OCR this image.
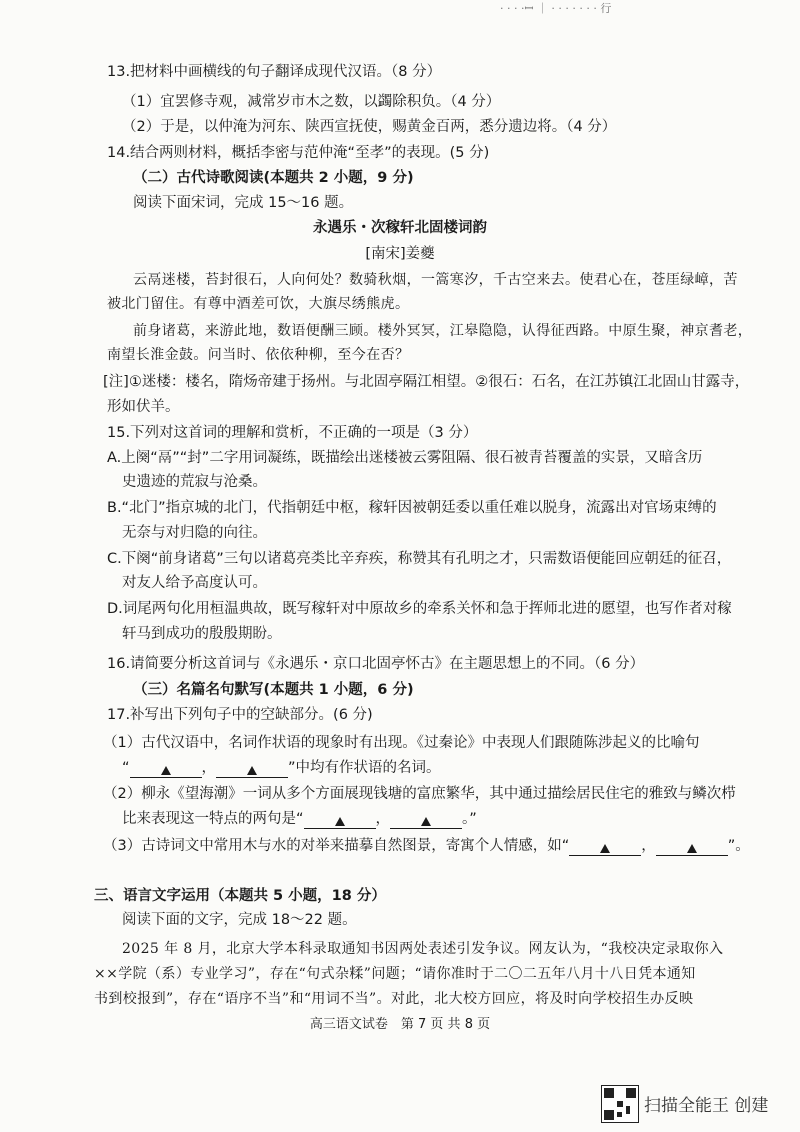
· · · ·ꟷ ｜ · · · · · · · 行
13.把材料中画横线的句子翻译成现代汉语。（8 分）
（1）宜罢修寺观，减常岁市木之数，以蠲除积负。（4 分）
（2）于是，以仲淹为河东、陕西宣抚使，赐黄金百两，悉分遗边将。（4 分）
14.结合两则材料，概括李密与范仲淹“至孝”的表现。(5 分)
（二）古代诗歌阅读(本题共 2 小题，9 分)
阅读下面宋词，完成 15～16 题。
永遇乐・次稼轩北固楼词韵
[南宋]姜夔
云鬲迷楼，苔封很石，人向何处？数骑秋烟，一篙寒汐，千古空来去。使君心在，苍厓绿嶂，苦
被北门留住。有尊中酒差可饮，大旗尽绣熊虎。
前身诸葛，来游此地，数语便酬三顾。楼外冥冥，江皋隐隐，认得征西路。中原生聚，神京耆老，
南望长淮金鼓。问当时、依依种柳，至今在否？
[注]①迷楼：楼名，隋炀帝建于扬州。与北固亭隔江相望。②很石：石名，在江苏镇江北固山甘露寺，
形如伏羊。
15.下列对这首词的理解和赏析，不正确的一项是（3 分）
A.上阕“鬲”“封”二字用词凝练，既描绘出迷楼被云雾阻隔、很石被青苔覆盖的实景，又暗含历
史遗迹的荒寂与沧桑。
B.“北门”指京城的北门，代指朝廷中枢，稼轩因被朝廷委以重任难以脱身，流露出对官场束缚的
无奈与对归隐的向往。
C.下阕“前身诸葛”三句以诸葛亮类比辛弃疾，称赞其有孔明之才，只需数语便能回应朝廷的征召，
对友人给予高度认可。
D.词尾两句化用桓温典故，既写稼轩对中原故乡的牵系关怀和急于挥师北进的愿望，也写作者对稼
轩马到成功的殷殷期盼。
16.请简要分析这首词与《永遇乐・京口北固亭怀古》在主题思想上的不同。（6 分）
（三）名篇名句默写(本题共 1 小题，6 分)
17.补写出下列句子中的空缺部分。(6 分)
（1）古代汉语中，名词作状语的现象时有出现。《过秦论》中表现人们跟随陈涉起义的比喻句
“	，	”中均有作状语的名词。
（2）柳永《望海潮》一词从多个方面展现钱塘的富庶繁华，其中通过描绘居民住宅的雅致与鳞次栉
比来表现这一特点的两句是“	，	。”
（3）古诗词文中常用木与水的对举来描摹自然图景，寄寓个人情感，如“	，	”。
三、语言文字运用（本题共 5 小题，18 分）
阅读下面的文字，完成 18～22 题。
2025 年 8 月，北京大学本科录取通知书因两处表述引发争议。网友认为，“我校决定录取你入
××学院（系）专业学习”，存在“句式杂糅”问题；“请你准时于二〇二五年八月十八日凭本通知
书到校报到”，存在“语序不当”和“用词不当”。对此，北大校方回应，将及时向学校招生办反映
高三语文试卷　第 7 页 共 8 页
扫描全能王 创建
